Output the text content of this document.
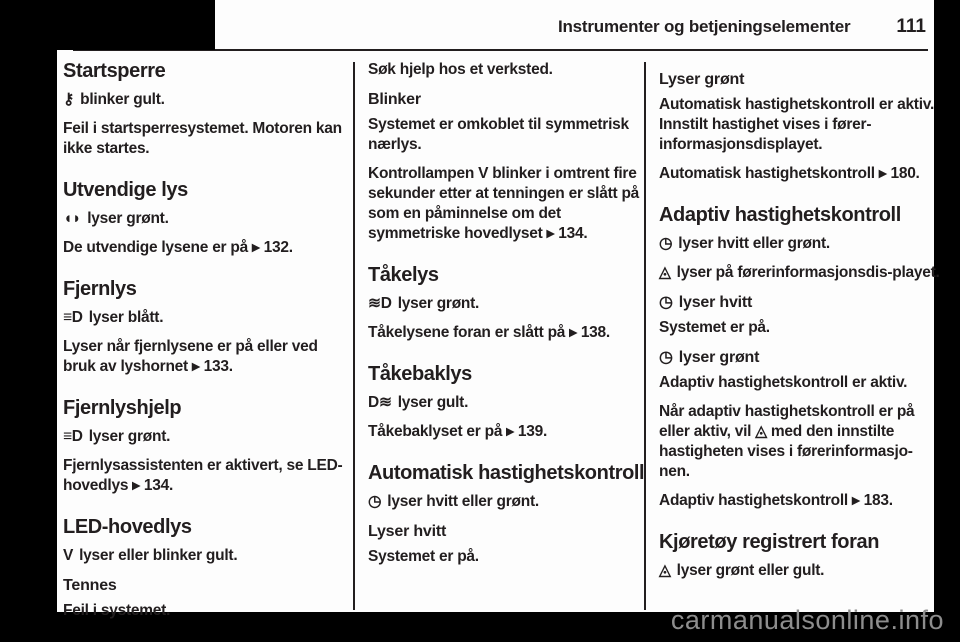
Instrumenter og betjeningselementer 111
Startsperre
⚷ blinker gult.
Feil i startsperresystemet. Motoren kan ikke startes.
Utvendige lys
◖◗ lyser grønt.
De utvendige lysene er på ▸ 132.
Fjernlys
≡D lyser blått.
Lyser når fjernlysene er på eller ved bruk av lyshornet ▸ 133.
Fjernlyshjelp
≡D lyser grønt.
Fjernlysassistenten er aktivert, se LED-hovedlys ▸ 134.
LED-hovedlys
V lyser eller blinker gult.
Tennes
Feil i systemet.
Søk hjelp hos et verksted.
Blinker
Systemet er omkoblet til symmetrisk nærlys.
Kontrollampen V blinker i omtrent fire sekunder etter at tenningen er slått på som en påminnelse om det symmetriske hovedlyset ▸ 134.
Tåkelys
≋D lyser grønt.
Tåkelysene foran er slått på ▸ 138.
Tåkebaklys
D≋ lyser gult.
Tåkebaklyset er på ▸ 139.
Automatisk hastighetskontroll
◷ lyser hvitt eller grønt.
Lyser hvitt
Systemet er på.
Lyser grønt
Automatisk hastighetskontroll er aktiv. Innstilt hastighet vises i fører-informasjonsdisplayet.
Automatisk hastighetskontroll ▸ 180.
Adaptiv hastighetskontroll
◷ lyser hvitt eller grønt.
◬ lyser på førerinformasjonsdis-playet.
◷ lyser hvitt
Systemet er på.
◷ lyser grønt
Adaptiv hastighetskontroll er aktiv.
Når adaptiv hastighetskontroll er på eller aktiv, vil ◬ med den innstilte hastigheten vises i førerinformasjo-nen.
Adaptiv hastighetskontroll ▸ 183.
Kjøretøy registrert foran
◬ lyser grønt eller gult.
carmanualsonline.info
